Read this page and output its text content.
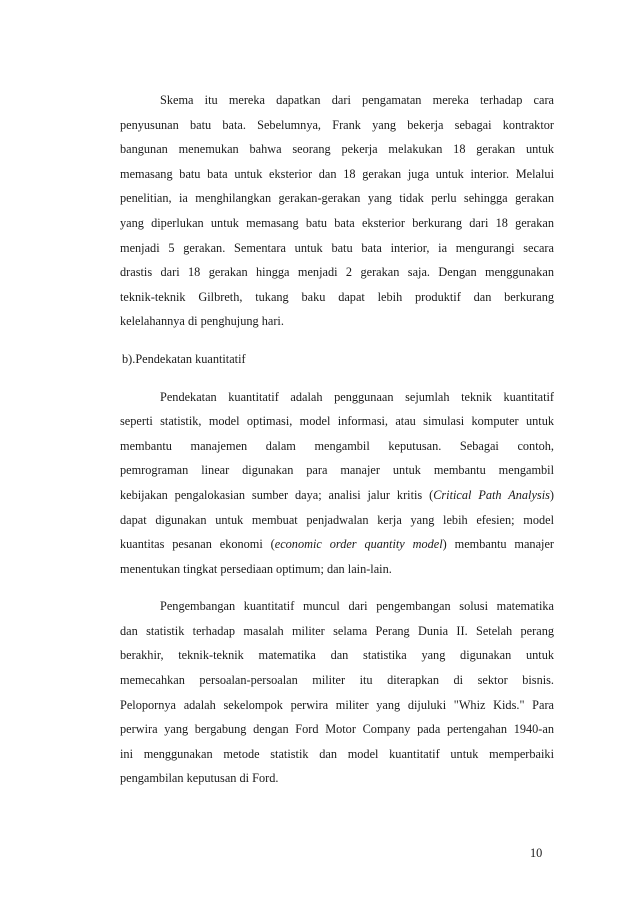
Skema itu mereka dapatkan dari pengamatan mereka terhadap cara
penyusunan batu bata. Sebelumnya, Frank yang bekerja sebagai kontraktor
bangunan menemukan bahwa seorang pekerja melakukan 18 gerakan untuk
memasang batu bata untuk eksterior dan 18 gerakan juga untuk interior. Melalui
penelitian, ia menghilangkan gerakan-gerakan yang tidak perlu sehingga gerakan
yang diperlukan untuk memasang batu bata eksterior berkurang dari 18 gerakan
menjadi 5 gerakan. Sementara untuk batu bata interior, ia mengurangi secara
drastis dari 18 gerakan hingga menjadi 2 gerakan saja. Dengan menggunakan
teknik-teknik Gilbreth, tukang baku dapat lebih produktif dan berkurang
kelelahannya di penghujung hari.

b).Pendekatan kuantitatif

Pendekatan kuantitatif adalah penggunaan sejumlah teknik kuantitatif
seperti statistik, model optimasi, model informasi, atau simulasi komputer untuk
membantu manajemen dalam mengambil keputusan. Sebagai contoh,
pemrograman linear digunakan para manajer untuk membantu mengambil
kebijakan pengalokasian sumber daya; analisi jalur kritis (Critical Path Analysis)
dapat digunakan untuk membuat penjadwalan kerja yang lebih efesien; model
kuantitas pesanan ekonomi (economic order quantity model) membantu manajer
menentukan tingkat persediaan optimum; dan lain-lain.
Pengembangan kuantitatif muncul dari pengembangan solusi matematika
dan statistik terhadap masalah militer selama Perang Dunia II. Setelah perang
berakhir, teknik-teknik matematika dan statistika yang digunakan untuk
memecahkan persoalan-persoalan militer itu diterapkan di sektor bisnis.
Pelopornya adalah sekelompok perwira militer yang dijuluki "Whiz Kids." Para
perwira yang bergabung dengan Ford Motor Company pada pertengahan 1940-an
ini menggunakan metode statistik dan model kuantitatif untuk memperbaiki
pengambilan keputusan di Ford.
10
